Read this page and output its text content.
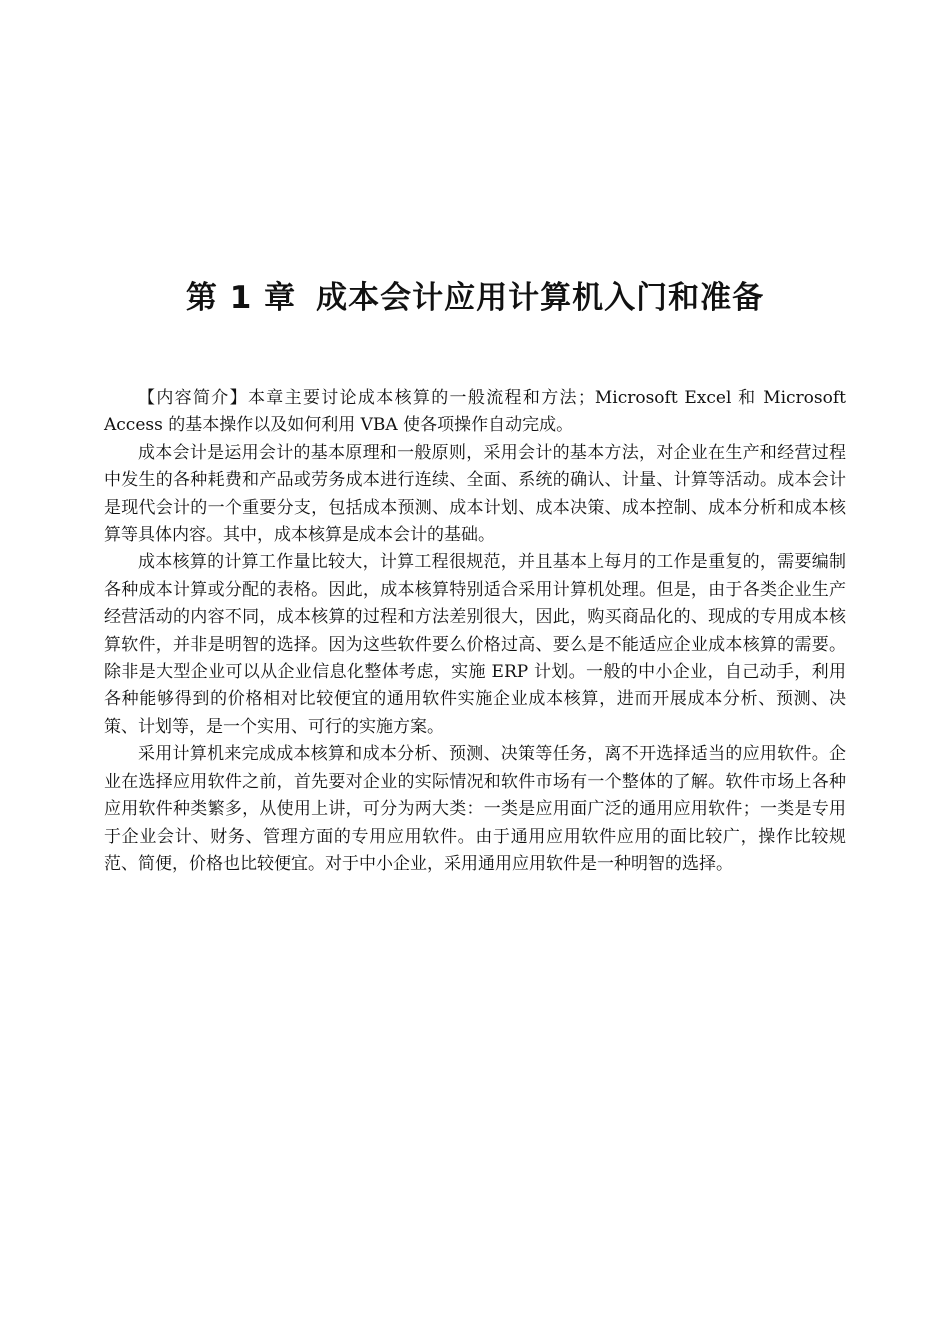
第 1 章 成本会计应用计算机入门和准备

【内容简介】本章主要讨论成本核算的一般流程和方法；Microsoft Excel 和 Microsoft Access 的基本操作以及如何利用 VBA 使各项操作自动完成。

成本会计是运用会计的基本原理和一般原则，采用会计的基本方法，对企业在生产和经营过程中发生的各种耗费和产品或劳务成本进行连续、全面、系统的确认、计量、计算等活动。成本会计是现代会计的一个重要分支，包括成本预测、成本计划、成本决策、成本控制、成本分析和成本核算等具体内容。其中，成本核算是成本会计的基础。

成本核算的计算工作量比较大，计算工程很规范，并且基本上每月的工作是重复的，需要编制各种成本计算或分配的表格。因此，成本核算特别适合采用计算机处理。但是，由于各类企业生产经营活动的内容不同，成本核算的过程和方法差别很大，因此，购买商品化的、现成的专用成本核算软件，并非是明智的选择。因为这些软件要么价格过高、要么是不能适应企业成本核算的需要。除非是大型企业可以从企业信息化整体考虑，实施 ERP 计划。一般的中小企业，自己动手，利用各种能够得到的价格相对比较便宜的通用软件实施企业成本核算，进而开展成本分析、预测、决策、计划等，是一个实用、可行的实施方案。

采用计算机来完成成本核算和成本分析、预测、决策等任务，离不开选择适当的应用软件。企业在选择应用软件之前，首先要对企业的实际情况和软件市场有一个整体的了解。软件市场上各种应用软件种类繁多，从使用上讲，可分为两大类：一类是应用面广泛的通用应用软件；一类是专用于企业会计、财务、管理方面的专用应用软件。由于通用应用软件应用的面比较广，操作比较规范、简便，价格也比较便宜。对于中小企业，采用通用应用软件是一种明智的选择。
